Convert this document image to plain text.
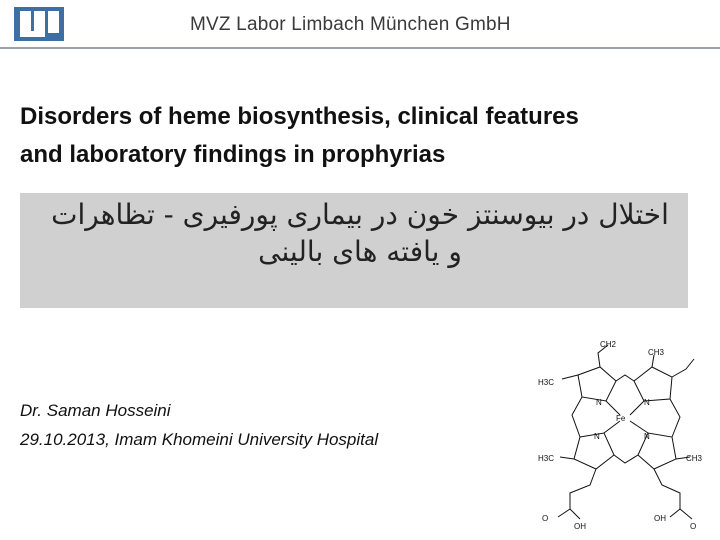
MVZ Labor Limbach München GmbH
Disorders of heme biosynthesis, clinical features
and laboratory findings in prophyrias
اختلال در بیوسنتز خون در بیماری پورفیری - تظاهرات و یافته های بالینی
Dr. Saman Hosseini
29.10.2013, Imam Khomeini University Hospital
CH2
CH3
H3C
N	N
Fe
N	N
H3C	CH3
O
OH
OH
O
